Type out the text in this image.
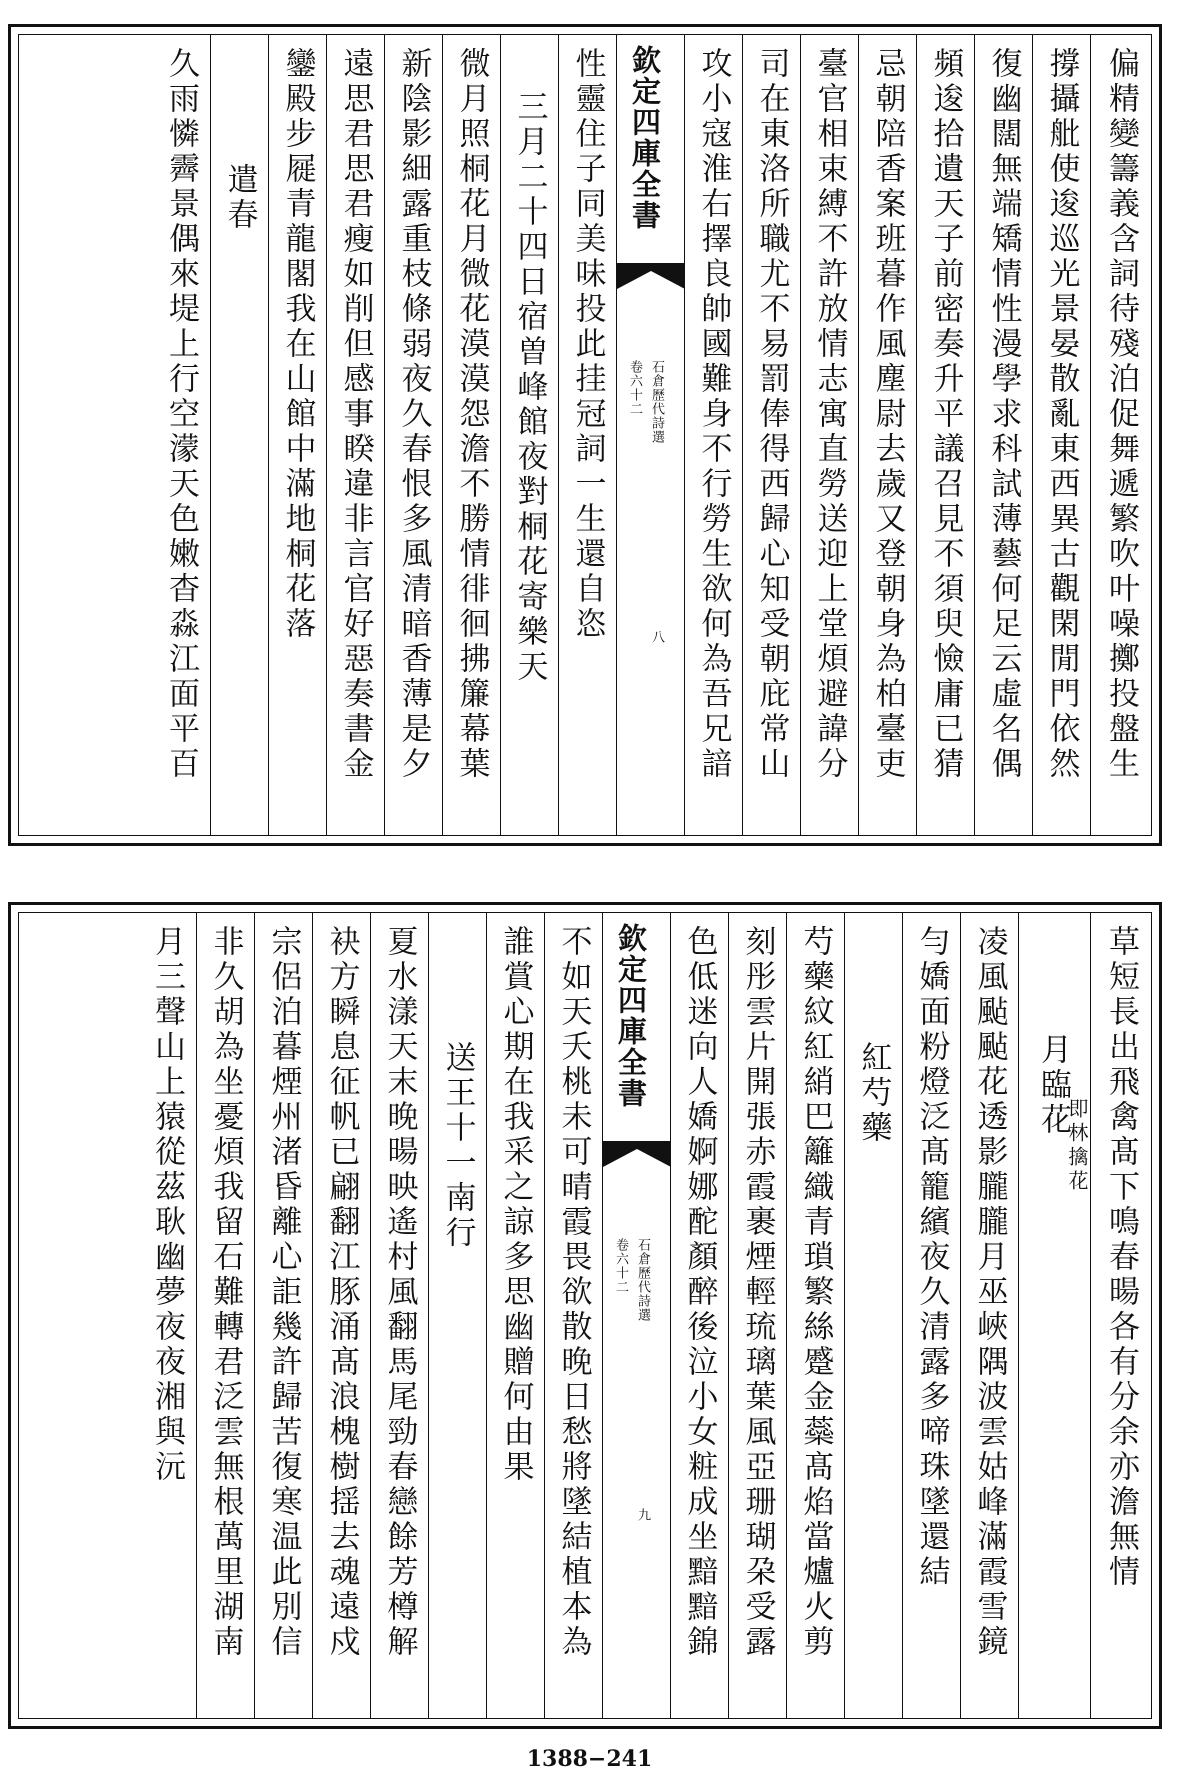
偏精變籌義含詞待殘泊促舞遞繁吹叶噪擲投盤生
撐攝舭使逡巡光景晏散亂東西異古觀閑閒門依然
復幽闊無端矯情性漫學求科試薄藝何足云虛名偶
頻逡拾遺天子前密奏升平議召見不須臾憸庸已猜
忌朝陪香案班暮作風塵尉去歲又登朝身為柏臺吏
臺官相束縛不許放情志寓直勞送迎上堂煩避諱分
司在東洛所職尤不易罰俸得西歸心知受朝庇常山
攻小寇淮右擇良帥國難身不行勞生欲何為吾兄諳
欽定四庫全書
石倉歷代詩選
卷六十二
八
性靈住子同美味投此挂冠詞一生還自恣
三月二十四日宿曽峰館夜對桐花寄樂天
微月照桐花月微花漠漠怨澹不勝情徘徊拂簾幕葉
新陰影細露重枝條弱夜久春恨多風清暗香薄是夕
遠思君思君瘦如削但感事睽違非言官好惡奏書金
鑾殿步屣青龍閣我在山館中滿地桐花落
遣春
久雨憐霽景偶來堤上行空濛天色嫩杳淼江面平百
草短長出飛禽髙下鳴春暘各有分余亦澹無情
月臨花
即林擒花
凌風颭颭花透影朧朧月巫峽隅波雲姑峰滿霞雪鏡
勻嬌面粉燈泛髙籠繽夜久清露多啼珠墜還結
紅芍藥
芍藥紋紅綃巴籬織青瑣繁絲蹙金蘂髙焰當爐火剪
刻彤雲片開張赤霞裹煙輕琉璃葉風亞珊瑚朶受露
色低迷向人嬌婀娜酡顏醉後泣小女粧成坐黯黯錦
欽定四庫全書
石倉歷代詩選
卷六十二
九
不如天夭桃未可晴霞畏欲散晚日愁將墜結植本為
誰賞心期在我采之諒多思幽贈何由果
送王十一南行
夏水漾天末晚暘映遙村風翻馬尾勁春戀餘芳樽解
袂方瞬息征帆已翩翻江豚涌髙浪槐樹揺去魂遠戍
宗侶泊暮煙州渚昏離心詎幾許歸苦復寒温此別信
非久胡為坐憂煩我留石難轉君泛雲無根萬里湖南
月三聲山上猿從茲耿幽夢夜夜湘與沅
1388−241
